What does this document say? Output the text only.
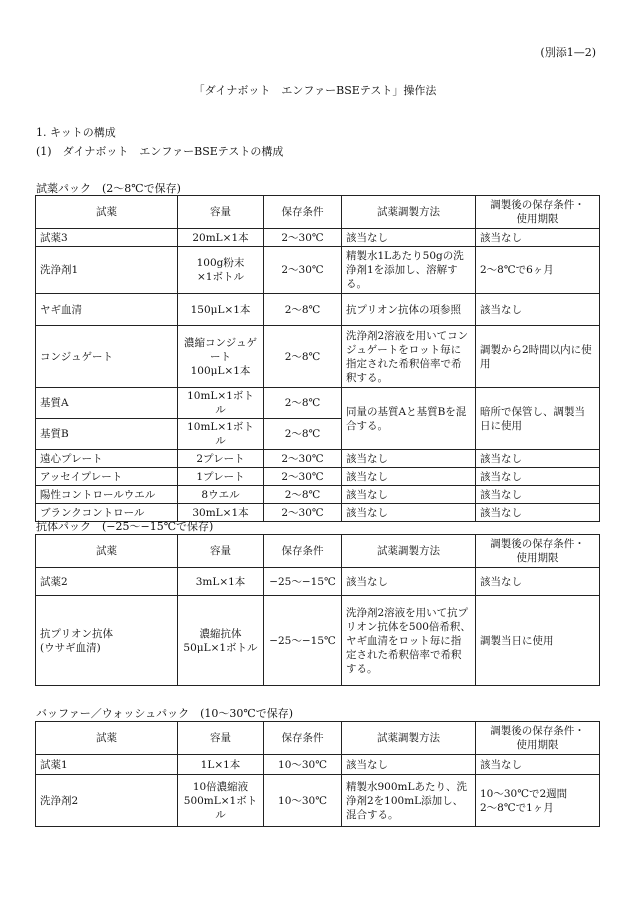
(別添1—2)
「ダイナボット　エンファーBSEテスト」操作法
1. キットの構成
(1)　ダイナボット　エンファーBSEテストの構成
試薬パック　(2〜8℃で保存)
試薬	容量	保存条件	試薬調製方法	調製後の保存条件・
使用期限
試薬3	20mL×1本	2〜30℃	該当なし	該当なし
洗浄剤1	100g粉末
×1ボトル	2〜30℃	精製水1Lあたり50gの洗浄剤1を添加し、溶解する。	2〜8℃で6ヶ月
ヤギ血清	150μL×1本	2〜8℃	抗プリオン抗体の項参照	該当なし
コンジュゲート	濃縮コンジュゲート
100μL×1本	2〜8℃	洗浄剤2溶液を用いてコンジュゲートをロット毎に指定された希釈倍率で希釈する。	調製から2時間以内に使用
基質A	10mL×1ボトル	2〜8℃	同量の基質Aと基質Bを混合する。	暗所で保管し、調製当日に使用
基質B	10mL×1ボトル	2〜8℃		
遠心プレート	2プレート	2〜30℃	該当なし	該当なし
アッセイプレート	1プレート	2〜30℃	該当なし	該当なし
陽性コントロールウエル	8ウエル	2〜8℃	該当なし	該当なし
ブランクコントロール	30mL×1本	2〜30℃	該当なし	該当なし
抗体パック　(−25〜−15℃で保存)
試薬	容量	保存条件	試薬調製方法	調製後の保存条件・
使用期限
試薬2	3mL×1本	−25〜−15℃	該当なし	該当なし
抗プリオン抗体
(ウサギ血清)	濃縮抗体
50μL×1ボトル	−25〜−15℃	洗浄剤2溶液を用いて抗プリオン抗体を500倍希釈、ヤギ血清をロット毎に指定された希釈倍率で希釈する。	調製当日に使用
バッファー／ウォッシュパック　(10〜30℃で保存)
試薬	容量	保存条件	試薬調製方法	調製後の保存条件・
使用期限
試薬1	1L×1本	10〜30℃	該当なし	該当なし
洗浄剤2	10倍濃縮液
500mL×1ボトル	10〜30℃	精製水900mLあたり、洗浄剤2を100mL添加し、混合する。	10〜30℃で2週間
2〜8℃で1ヶ月
